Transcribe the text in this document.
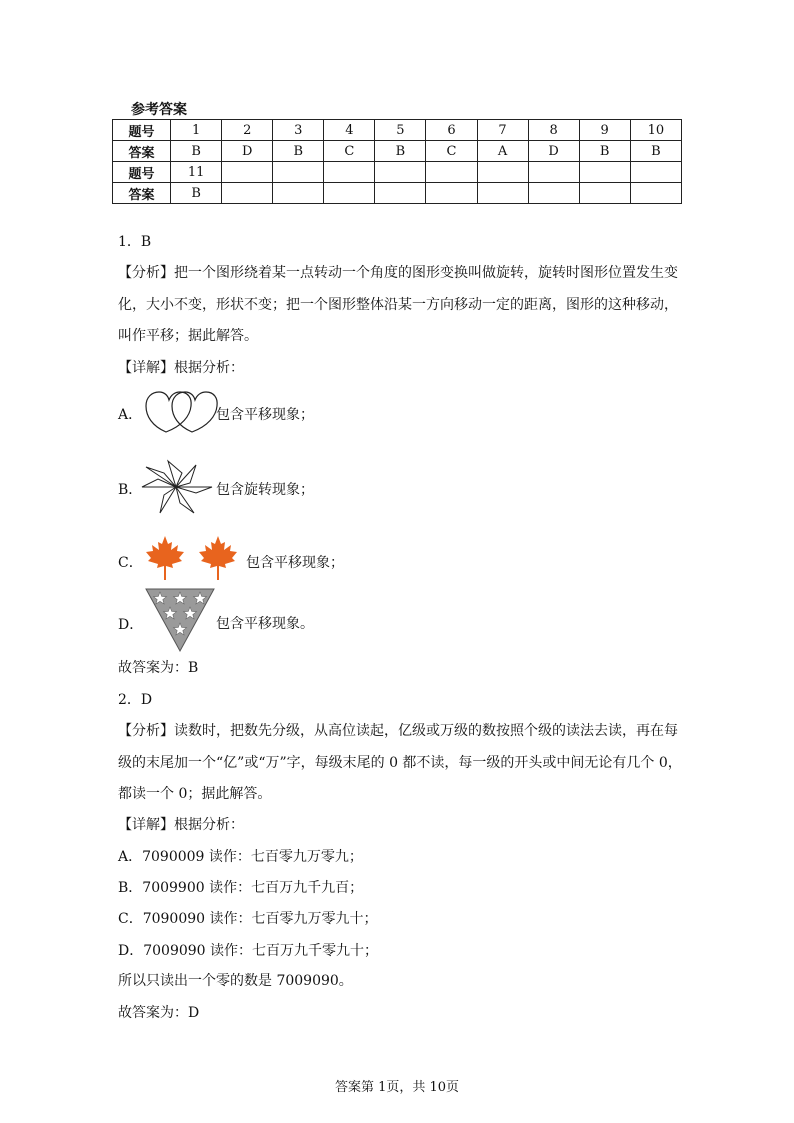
参考答案
题号	1	2	3	4	5	6	7	8	9	10
答案	B	D	B	C	B	C	A	D	B	B
题号	11									
答案	B									
1．B
【分析】把一个图形绕着某一点转动一个角度的图形变换叫做旋转，旋转时图形位置发生变
化，大小不变，形状不变；把一个图形整体沿某一方向移动一定的距离，图形的这种移动，
叫作平移；据此解答。
【详解】根据分析：
A．	包含平移现象；
B．	包含旋转现象；
C．	包含平移现象；
D．	包含平移现象。
故答案为：B
2．D
【分析】读数时，把数先分级，从高位读起，亿级或万级的数按照个级的读法去读，再在每
级的末尾加一个“亿”或“万”字，每级末尾的 0 都不读，每一级的开头或中间无论有几个 0，
都读一个 0；据此解答。
【详解】根据分析：
A．7090009 读作：七百零九万零九；
B．7009900 读作：七百万九千九百；
C．7090090 读作：七百零九万零九十；
D．7009090 读作：七百万九千零九十；
所以只读出一个零的数是 7009090。
故答案为：D
答案第 1页，共 10页
